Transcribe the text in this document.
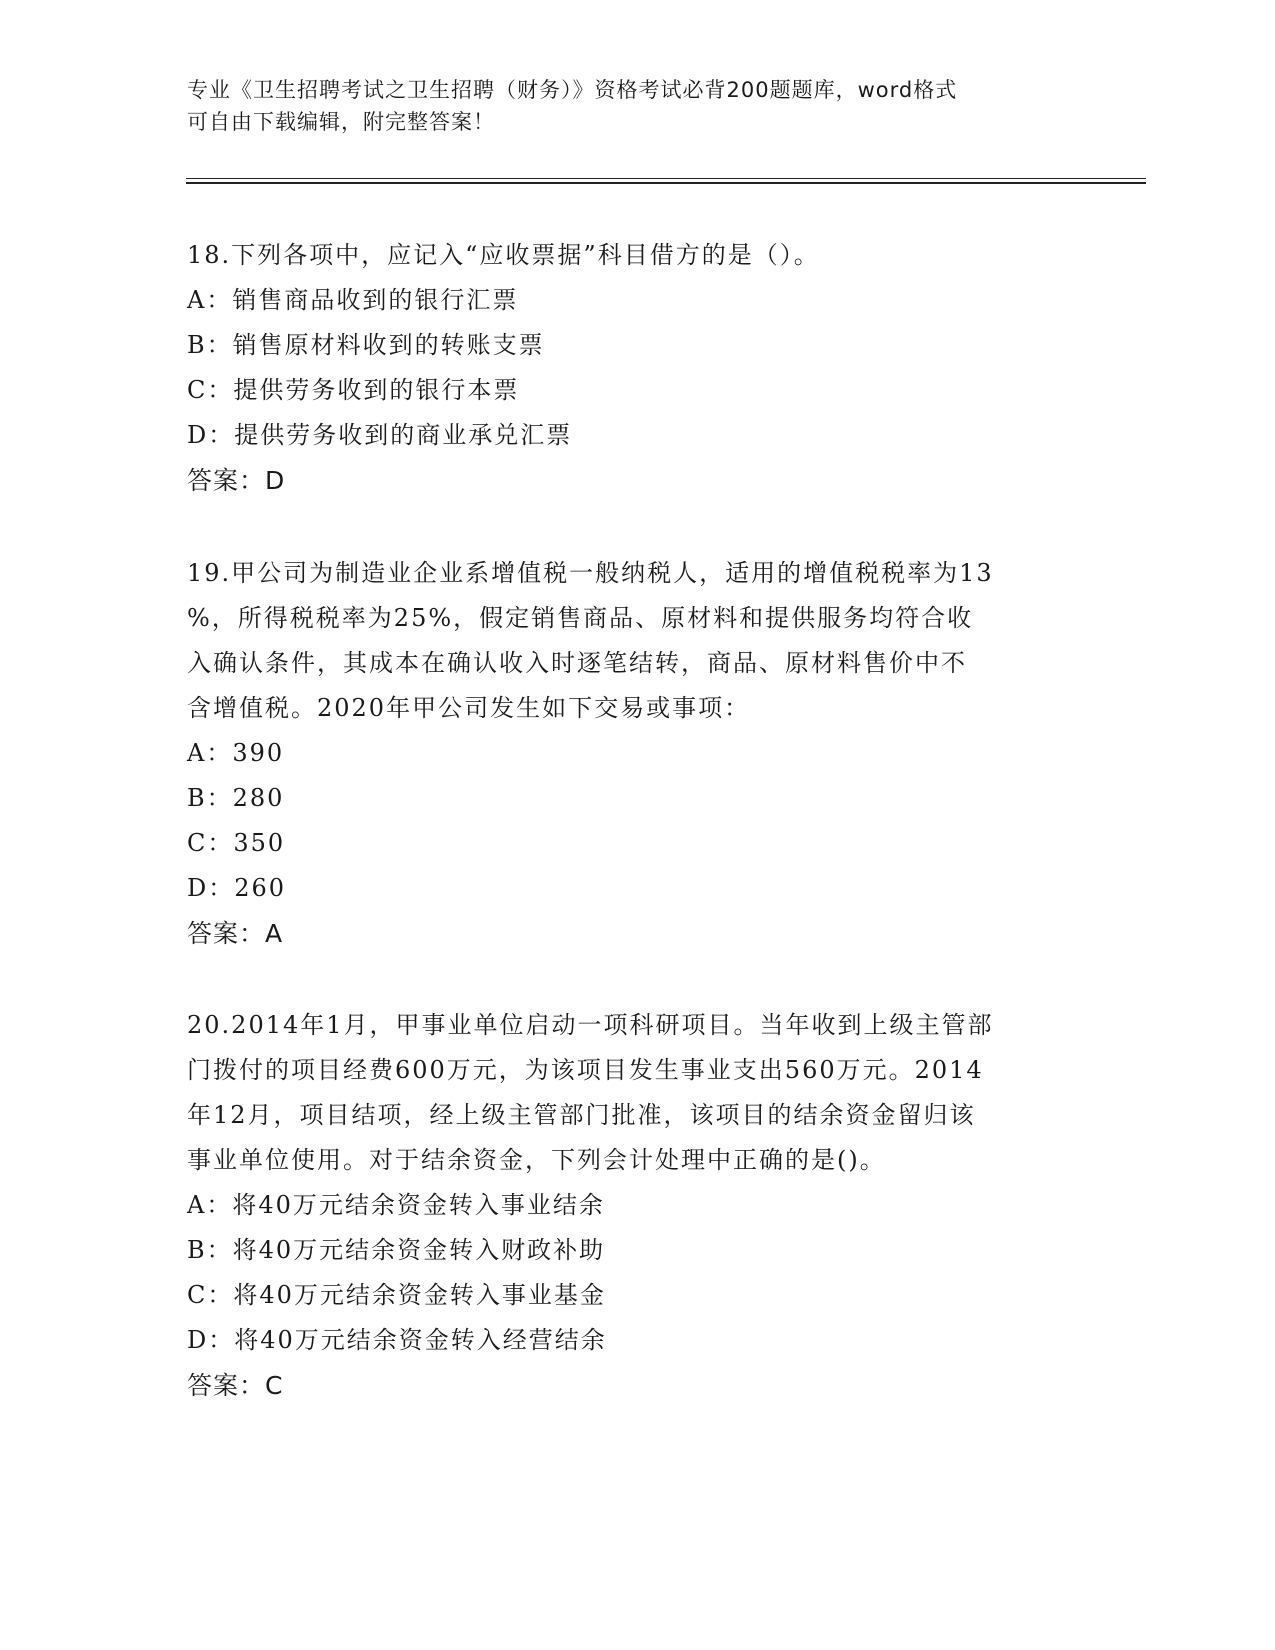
专业《卫生招聘考试之卫生招聘（财务）》资格考试必背200题题库，word格式
可自由下载编辑，附完整答案！
18.下列各项中，应记入“应收票据”科目借方的是（）。
A：销售商品收到的银行汇票
B：销售原材料收到的转账支票
C：提供劳务收到的银行本票
D：提供劳务收到的商业承兑汇票
答案：D
19.甲公司为制造业企业系增值税一般纳税人，适用的增值税税率为13
%，所得税税率为25%，假定销售商品、原材料和提供服务均符合收
入确认条件，其成本在确认收入时逐笔结转，商品、原材料售价中不
含增值税。2020年甲公司发生如下交易或事项：
A：390
B：280
C：350
D：260
答案：A
20.2014年1月，甲事业单位启动一项科研项目。当年收到上级主管部
门拨付的项目经费600万元，为该项目发生事业支出560万元。2014
年12月，项目结项，经上级主管部门批准，该项目的结余资金留归该
事业单位使用。对于结余资金，下列会计处理中正确的是()。
A：将40万元结余资金转入事业结余
B：将40万元结余资金转入财政补助
C：将40万元结余资金转入事业基金
D：将40万元结余资金转入经营结余
答案：C
